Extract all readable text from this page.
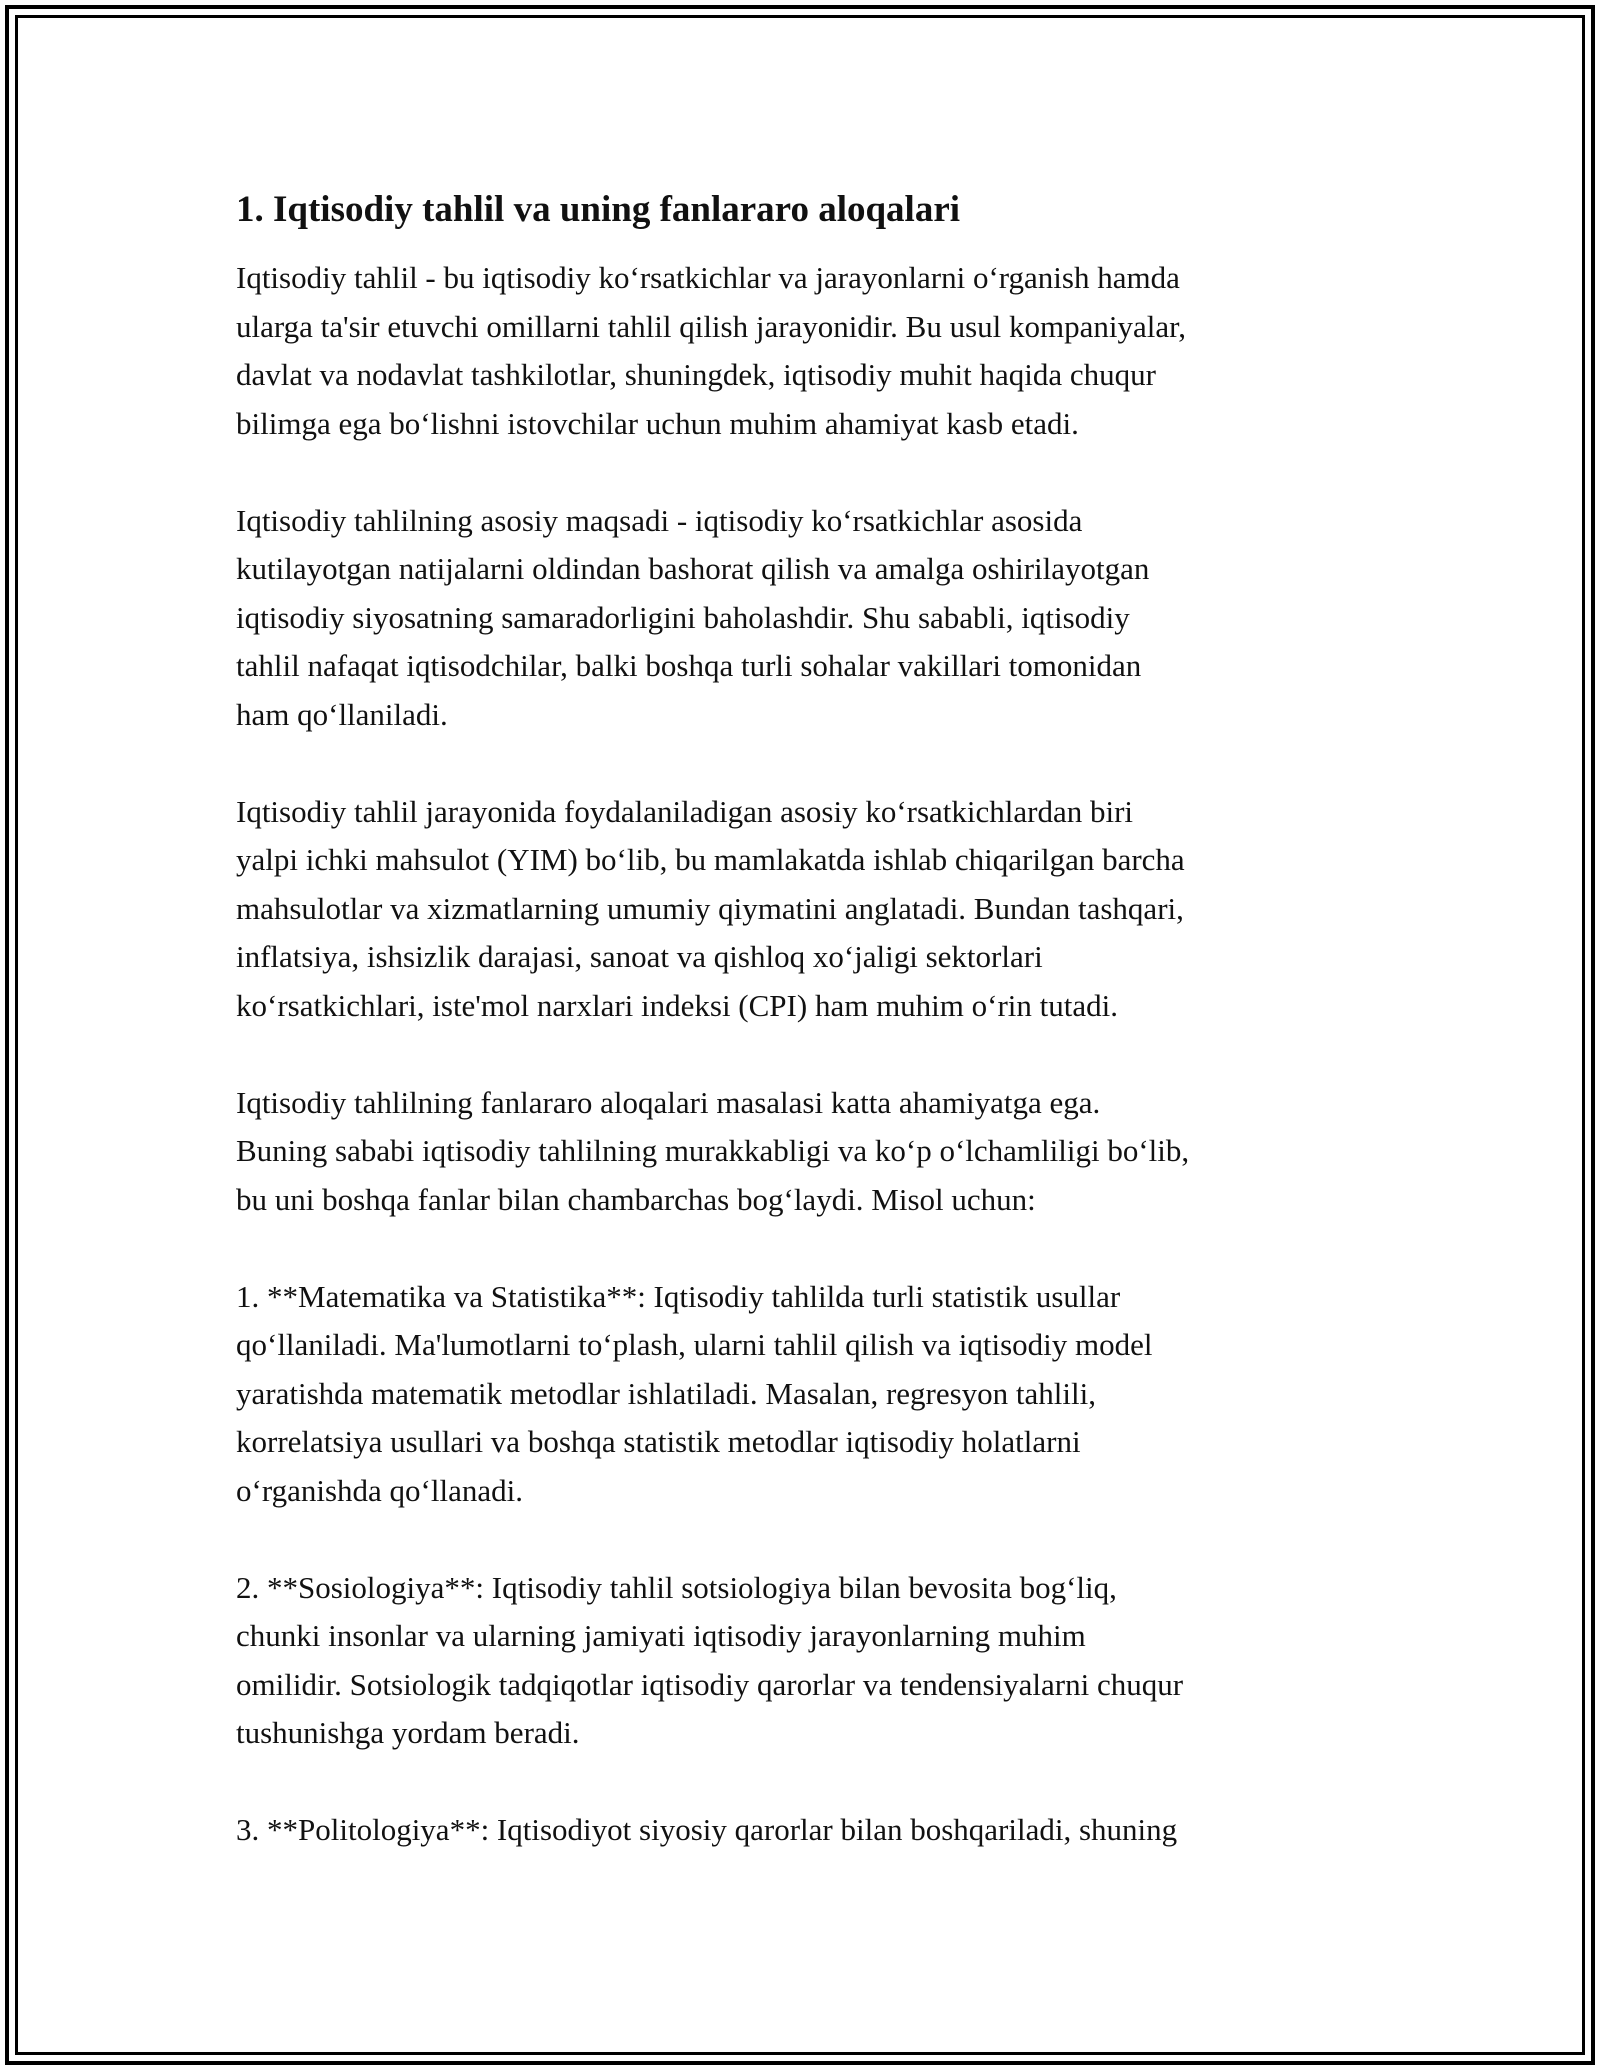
1. Iqtisodiy tahlil va uning fanlararo aloqalari

Iqtisodiy tahlil - bu iqtisodiy ko‘rsatkichlar va jarayonlarni o‘rganish hamda
ularga ta'sir etuvchi omillarni tahlil qilish jarayonidir. Bu usul kompaniyalar,
davlat va nodavlat tashkilotlar, shuningdek, iqtisodiy muhit haqida chuqur
bilimga ega bo‘lishni istovchilar uchun muhim ahamiyat kasb etadi.

Iqtisodiy tahlilning asosiy maqsadi - iqtisodiy ko‘rsatkichlar asosida
kutilayotgan natijalarni oldindan bashorat qilish va amalga oshirilayotgan
iqtisodiy siyosatning samaradorligini baholashdir. Shu sababli, iqtisodiy
tahlil nafaqat iqtisodchilar, balki boshqa turli sohalar vakillari tomonidan
ham qo‘llaniladi.

Iqtisodiy tahlil jarayonida foydalaniladigan asosiy ko‘rsatkichlardan biri
yalpi ichki mahsulot (YIM) bo‘lib, bu mamlakatda ishlab chiqarilgan barcha
mahsulotlar va xizmatlarning umumiy qiymatini anglatadi. Bundan tashqari,
inflatsiya, ishsizlik darajasi, sanoat va qishloq xo‘jaligi sektorlari
ko‘rsatkichlari, iste'mol narxlari indeksi (CPI) ham muhim o‘rin tutadi.

Iqtisodiy tahlilning fanlararo aloqalari masalasi katta ahamiyatga ega.
Buning sababi iqtisodiy tahlilning murakkabligi va ko‘p o‘lchamliligi bo‘lib,
bu uni boshqa fanlar bilan chambarchas bog‘laydi. Misol uchun:

1. **Matematika va Statistika**: Iqtisodiy tahlilda turli statistik usullar
qo‘llaniladi. Ma'lumotlarni to‘plash, ularni tahlil qilish va iqtisodiy model
yaratishda matematik metodlar ishlatiladi. Masalan, regresyon tahlili,
korrelatsiya usullari va boshqa statistik metodlar iqtisodiy holatlarni
o‘rganishda qo‘llanadi.

2. **Sosiologiya**: Iqtisodiy tahlil sotsiologiya bilan bevosita bog‘liq,
chunki insonlar va ularning jamiyati iqtisodiy jarayonlarning muhim
omilidir. Sotsiologik tadqiqotlar iqtisodiy qarorlar va tendensiyalarni chuqur
tushunishga yordam beradi.

3. **Politologiya**: Iqtisodiyot siyosiy qarorlar bilan boshqariladi, shuning
